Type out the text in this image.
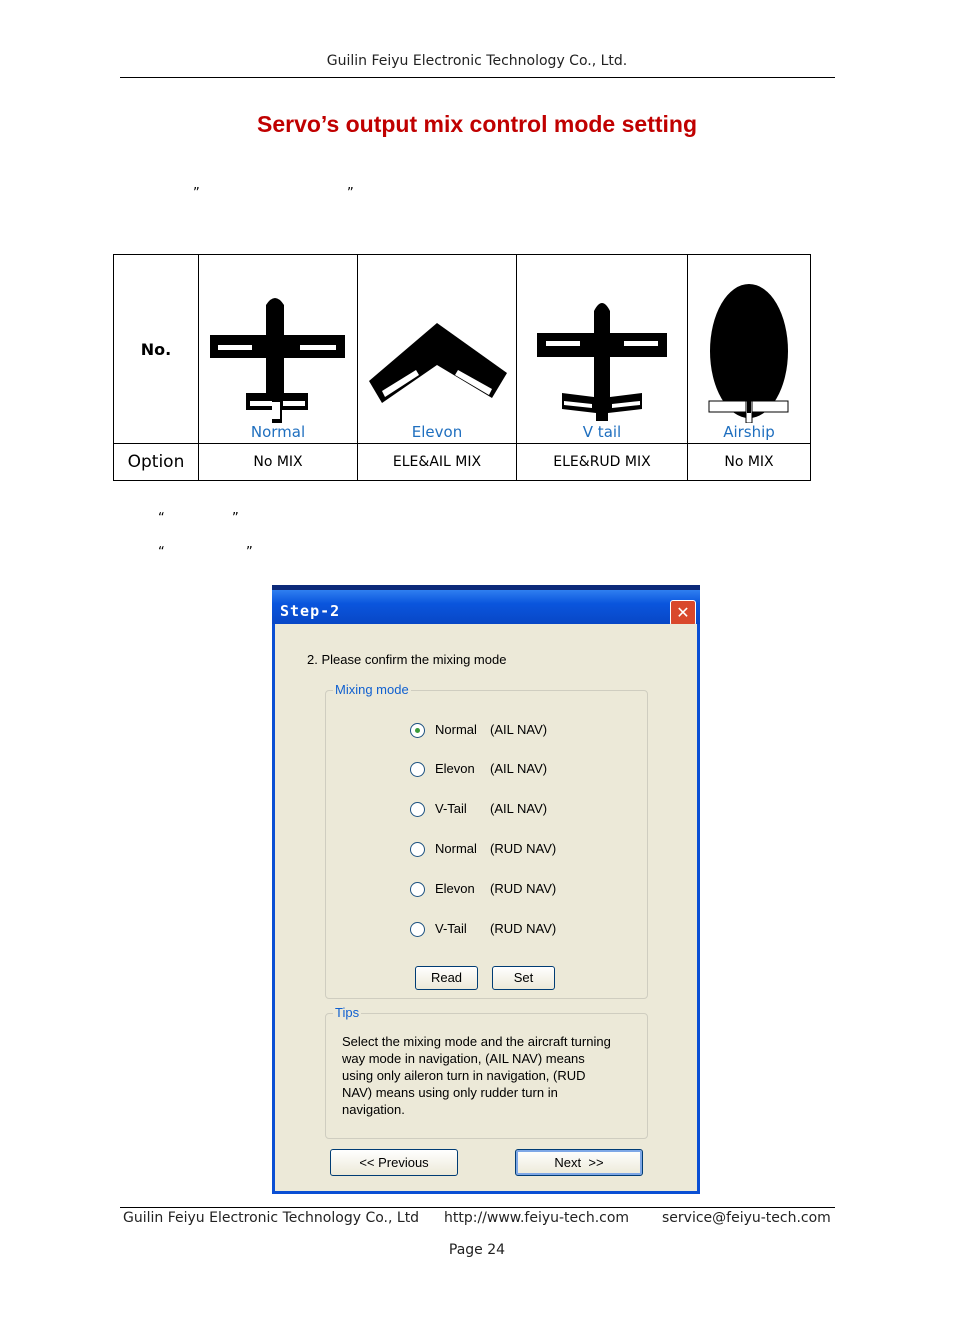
Guilin Feiyu Electronic Technology Co., Ltd.
Servo’s output mix control mode setting
”	”
No.	Normal	Elevon	V tail	Airship

Option	No MIX	ELE&AIL MIX	ELE&RUD MIX	No MIX
“	”
“	”
Step-2	✕
2. Please confirm the mixing mode
Mixing mode
Normal (AIL NAV)
Elevon (AIL NAV)
V-Tail (AIL NAV)
Normal (RUD NAV)
Elevon (RUD NAV)
V-Tail (RUD NAV)
Read	Set
Tips
Select the mixing mode and the aircraft turning
way mode in navigation, (AIL NAV) means
using only aileron turn in navigation, (RUD
NAV) means using only rudder turn in
navigation.
<< Previous	Next  >>
Guilin Feiyu Electronic Technology Co., Ltd http://www.feiyu-tech.com service@feiyu-tech.com
Page 24
